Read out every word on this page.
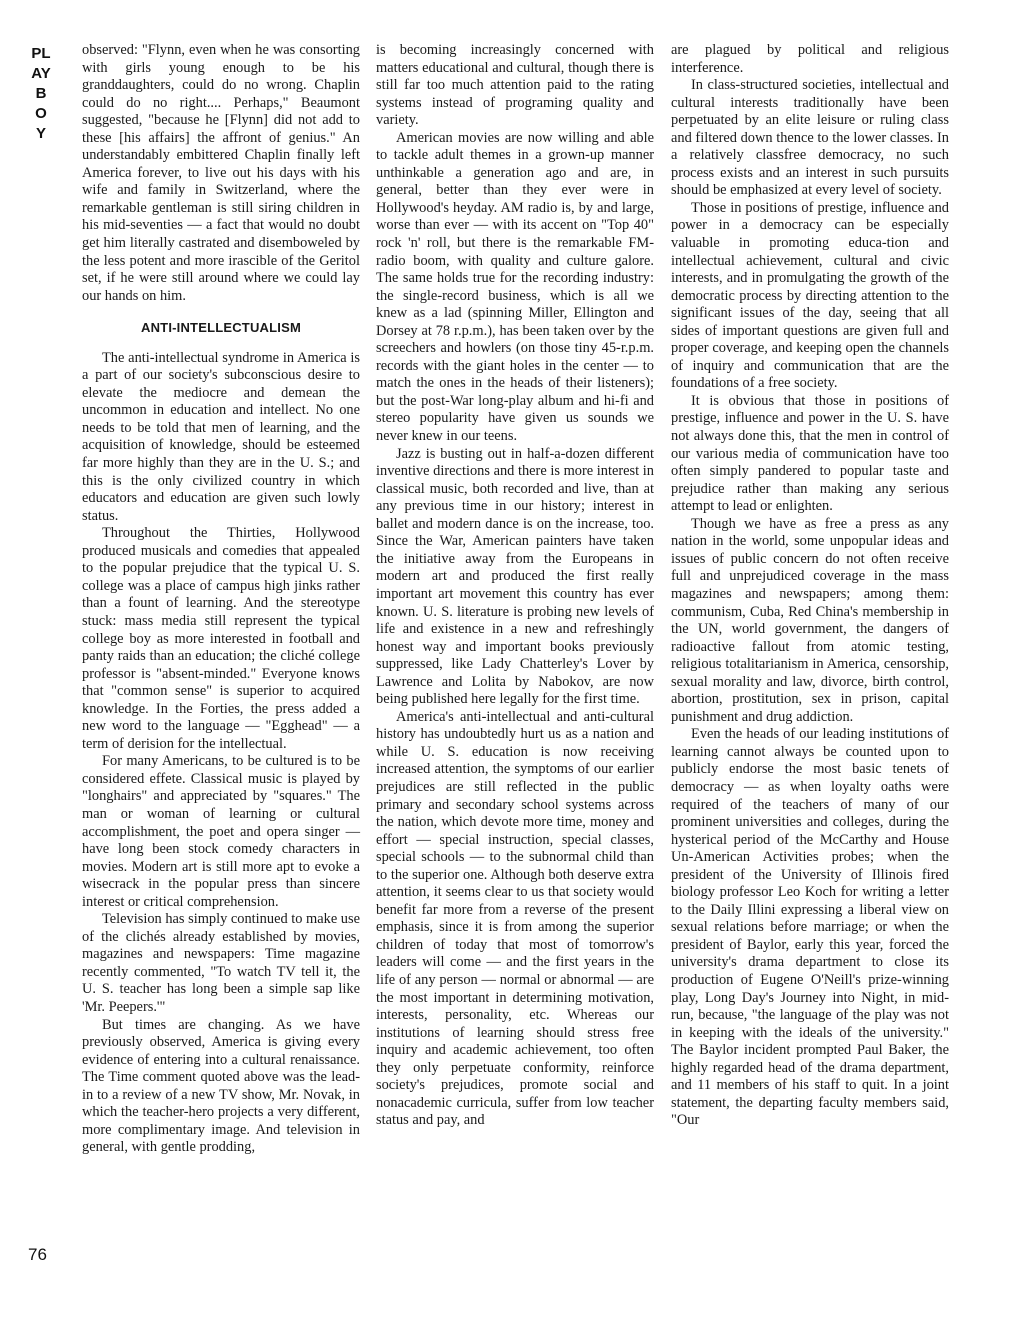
PLAYBOY

observed: "Flynn, even when he was consorting with girls young enough to be his granddaughters, could do no wrong. Chaplin could do no right.... Perhaps," Beaumont suggested, "because he [Flynn] did not add to these [his affairs] the affront of genius." An understandably embittered Chaplin finally left America forever, to live out his days with his wife and family in Switzerland, where the remarkable gentleman is still siring children in his mid-seventies — a fact that would no doubt get him literally castrated and disemboweled by the less potent and more irascible of the Geritol set, if he were still around where we could lay our hands on him.

ANTI-INTELLECTUALISM

The anti-intellectual syndrome in America is a part of our society's subconscious desire to elevate the mediocre and demean the uncommon in education and intellect. No one needs to be told that men of learning, and the acquisition of knowledge, should be esteemed far more highly than they are in the U. S.; and this is the only civilized country in which educators and education are given such lowly status.

Throughout the Thirties, Hollywood produced musicals and comedies that appealed to the popular prejudice that the typical U. S. college was a place of campus high jinks rather than a fount of learning. And the stereotype stuck: mass media still represent the typical college boy as more interested in football and panty raids than an education; the cliché college professor is "absent-minded." Everyone knows that "common sense" is superior to acquired knowledge. In the Forties, the press added a new word to the language — "Egghead" — a term of derision for the intellectual.

For many Americans, to be cultured is to be considered effete. Classical music is played by "longhairs" and appreciated by "squares." The man or woman of learning or cultural accomplishment, the poet and opera singer — have long been stock comedy characters in movies. Modern art is still more apt to evoke a wisecrack in the popular press than sincere interest or critical comprehension.

Television has simply continued to make use of the clichés already established by movies, magazines and newspapers: Time magazine recently commented, "To watch TV tell it, the U. S. teacher has long been a simple sap like 'Mr. Peepers.'"

But times are changing. As we have previously observed, America is giving every evidence of entering into a cultural renaissance. The Time comment quoted above was the lead-in to a review of a new TV show, Mr. Novak, in which the teacher-hero projects a very different, more complimentary image. And television in general, with gentle prodding,

is becoming increasingly concerned with matters educational and cultural, though there is still far too much attention paid to the rating systems instead of programing quality and variety.

American movies are now willing and able to tackle adult themes in a grown-up manner unthinkable a generation ago and are, in general, better than they ever were in Hollywood's heyday. AM radio is, by and large, worse than ever — with its accent on "Top 40" rock 'n' roll, but there is the remarkable FM-radio boom, with quality and culture galore. The same holds true for the recording industry: the single-record business, which is all we knew as a lad (spinning Miller, Ellington and Dorsey at 78 r.p.m.), has been taken over by the screechers and howlers (on those tiny 45-r.p.m. records with the giant holes in the center — to match the ones in the heads of their listeners); but the post-War long-play album and hi-fi and stereo popularity have given us sounds we never knew in our teens.

Jazz is busting out in half-a-dozen different inventive directions and there is more interest in classical music, both recorded and live, than at any previous time in our history; interest in ballet and modern dance is on the increase, too. Since the War, American painters have taken the initiative away from the Europeans in modern art and produced the first really important art movement this country has ever known. U. S. literature is probing new levels of life and existence in a new and refreshingly honest way and important books previously suppressed, like Lady Chatterley's Lover by Lawrence and Lolita by Nabokov, are now being published here legally for the first time.

America's anti-intellectual and anti-cultural history has undoubtedly hurt us as a nation and while U. S. education is now receiving increased attention, the symptoms of our earlier prejudices are still reflected in the public primary and secondary school systems across the nation, which devote more time, money and effort — special instruction, special classes, special schools — to the subnormal child than to the superior one. Although both deserve extra attention, it seems clear to us that society would benefit far more from a reverse of the present emphasis, since it is from among the superior children of today that most of tomorrow's leaders will come — and the first years in the life of any person — normal or abnormal — are the most important in determining motivation, interests, personality, etc. Whereas our institutions of learning should stress free inquiry and academic achievement, too often they only perpetuate conformity, reinforce society's prejudices, promote social and nonacademic curricula, suffer from low teacher status and pay, and

are plagued by political and religious interference.

In class-structured societies, intellectual and cultural interests traditionally have been perpetuated by an elite leisure or ruling class and filtered down thence to the lower classes. In a relatively classfree democracy, no such process exists and an interest in such pursuits should be emphasized at every level of society.

Those in positions of prestige, influence and power in a democracy can be especially valuable in promoting educa-tion and intellectual achievement, cultural and civic interests, and in promulgating the growth of the democratic process by directing attention to the significant issues of the day, seeing that all sides of important questions are given full and proper coverage, and keeping open the channels of inquiry and communication that are the foundations of a free society.

It is obvious that those in positions of prestige, influence and power in the U. S. have not always done this, that the men in control of our various media of communication have too often simply pandered to popular taste and prejudice rather than making any serious attempt to lead or enlighten.

Though we have as free a press as any nation in the world, some unpopular ideas and issues of public concern do not often receive full and unprejudiced coverage in the mass magazines and newspapers; among them: communism, Cuba, Red China's membership in the UN, world government, the dangers of radioactive fallout from atomic testing, religious totalitarianism in America, censorship, sexual morality and law, divorce, birth control, abortion, prostitution, sex in prison, capital punishment and drug addiction.

Even the heads of our leading institutions of learning cannot always be counted upon to publicly endorse the most basic tenets of democracy — as when loyalty oaths were required of the teachers of many of our prominent universities and colleges, during the hysterical period of the McCarthy and House Un-American Activities probes; when the president of the University of Illinois fired biology professor Leo Koch for writing a letter to the Daily Illini expressing a liberal view on sexual relations before marriage; or when the president of Baylor, early this year, forced the university's drama department to close its production of Eugene O'Neill's prize-winning play, Long Day's Journey into Night, in mid-run, because, "the language of the play was not in keeping with the ideals of the university." The Baylor incident prompted Paul Baker, the highly regarded head of the drama department, and 11 members of his staff to quit. In a joint statement, the departing faculty members said, "Our

76
